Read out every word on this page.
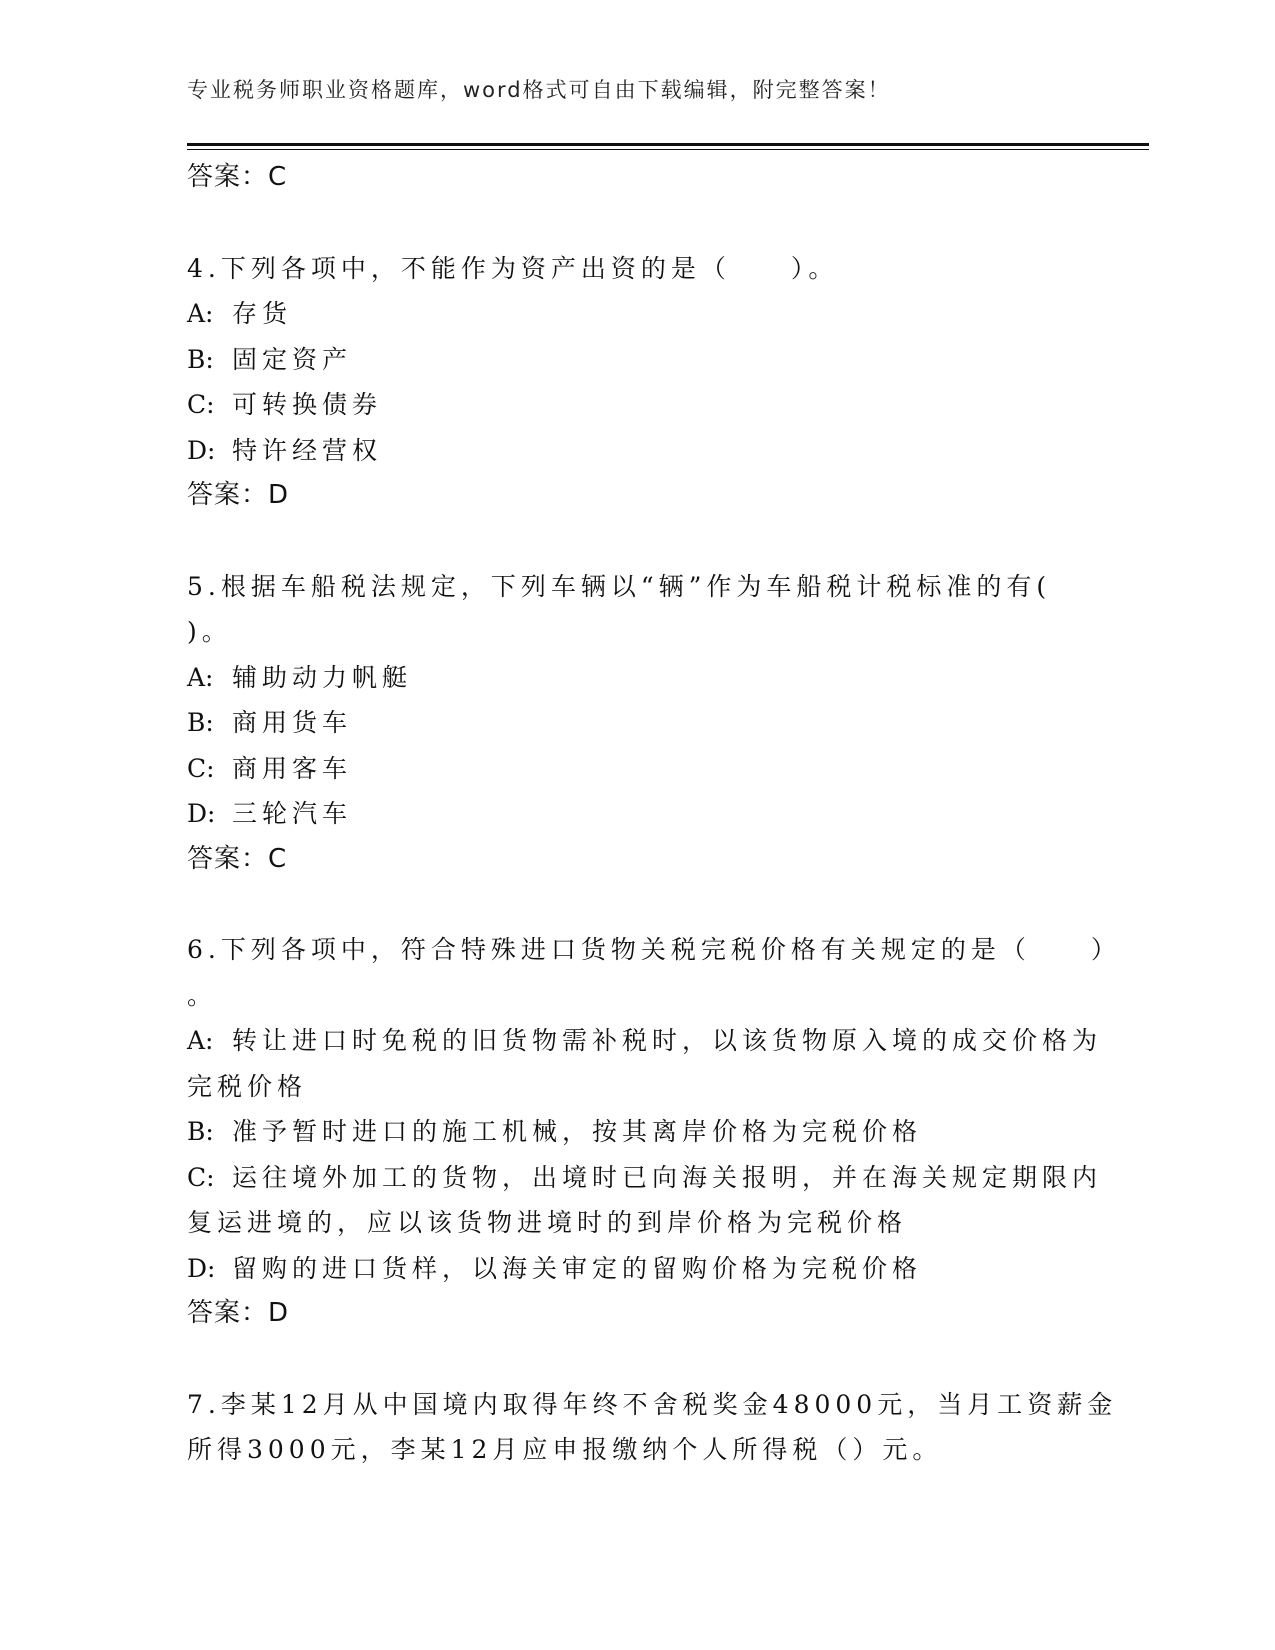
专业税务师职业资格题库，word格式可自由下载编辑，附完整答案！
答案：C
4.下列各项中，不能作为资产出资的是（　　）。
A: 存货
B: 固定资产
C: 可转换债券
D: 特许经营权
答案：D
5.根据车船税法规定，下列车辆以“辆”作为车船税计税标准的有(
)。
A: 辅助动力帆艇
B: 商用货车
C: 商用客车
D: 三轮汽车
答案：C
6.下列各项中，符合特殊进口货物关税完税价格有关规定的是（　　）
。
A: 转让进口时免税的旧货物需补税时，以该货物原入境的成交价格为
完税价格
B: 准予暂时进口的施工机械，按其离岸价格为完税价格
C: 运往境外加工的货物，出境时已向海关报明，并在海关规定期限内
复运进境的，应以该货物进境时的到岸价格为完税价格
D: 留购的进口货样，以海关审定的留购价格为完税价格
答案：D
7.李某12月从中国境内取得年终不舍税奖金48000元，当月工资薪金
所得3000元，李某12月应申报缴纳个人所得税（）元。
